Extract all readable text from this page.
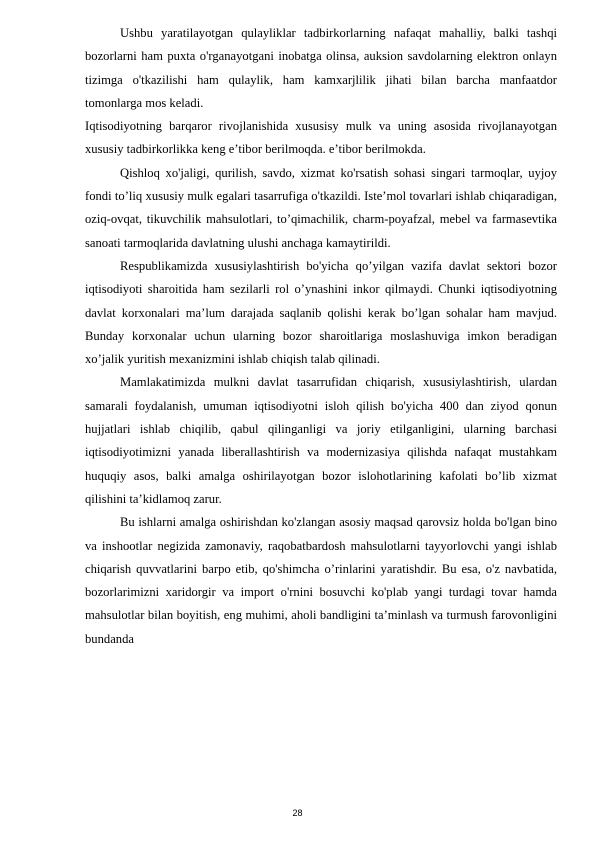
Ushbu yaratilayotgan qulayliklar tadbirkorlarning nafaqat mahalliy, balki tashqi bozorlarni ham puxta o'rganayotgani inobatga olinsa, auksion savdolarning elektron onlayn tizimga o'tkazilishi ham qulaylik, ham kamxarjlilik jihati bilan barcha manfaatdor tomonlarga mos keladi.

Iqtisodiyotning barqaror rivojlanishida xususisy mulk va uning asosida rivojlanayotgan xususiy tadbirkorlikka keng e’tibor berilmoqda. e’tibor berilmokda.

Qishloq xo'jaligi, qurilish, savdo, xizmat ko'rsatish sohasi singari tarmoqlar, uyjoy fondi to’liq xususiy mulk egalari tasarrufiga o'tkazildi. Iste’mol tovarlari ishlab chiqaradigan, oziq-ovqat, tikuvchilik mahsulotlari, to’qimachilik, charm-poyafzal, mebel va farmasevtika sanoati tarmoqlarida davlatning ulushi anchaga kamaytirildi.

Respublikamizda xususiylashtirish bo'yicha qo’yilgan vazifa davlat sektori bozor iqtisodiyoti sharoitida ham sezilarli rol o’ynashini inkor qilmaydi. Chunki iqtisodiyotning davlat korxonalari ma’lum darajada saqlanib qolishi kerak bo’lgan sohalar ham mavjud. Bunday korxonalar uchun ularning bozor sharoitlariga moslashuviga imkon beradigan xo’jalik yuritish mexanizmini ishlab chiqish talab qilinadi.

Mamlakatimizda mulkni davlat tasarrufidan chiqarish, xususiylashtirish, ulardan samarali foydalanish, umuman iqtisodiyotni isloh qilish bo'yicha 400 dan ziyod qonun hujjatlari ishlab chiqilib, qabul qilinganligi va joriy etilganligini, ularning barchasi iqtisodiyotimizni yanada liberallashtirish va modernizasiya qilishda nafaqat mustahkam huquqiy asos, balki amalga oshirilayotgan bozor islohotlarining kafolati bo’lib xizmat qilishini ta’kidlamoq zarur.

Bu ishlarni amalga oshirishdan ko'zlangan asosiy maqsad qarovsiz holda bo'lgan bino va inshootlar negizida zamonaviy, raqobatbardosh mahsulotlarni tayyorlovchi yangi ishlab chiqarish quvvatlarini barpo etib, qo'shimcha o’rinlarini yaratishdir. Bu esa, o'z navbatida, bozorlarimizni xaridorgir va import o'rnini bosuvchi ko'plab yangi turdagi tovar hamda mahsulotlar bilan boyitish, eng muhimi, aholi bandligini ta’minlash va turmush farovonligini bundanda

28
